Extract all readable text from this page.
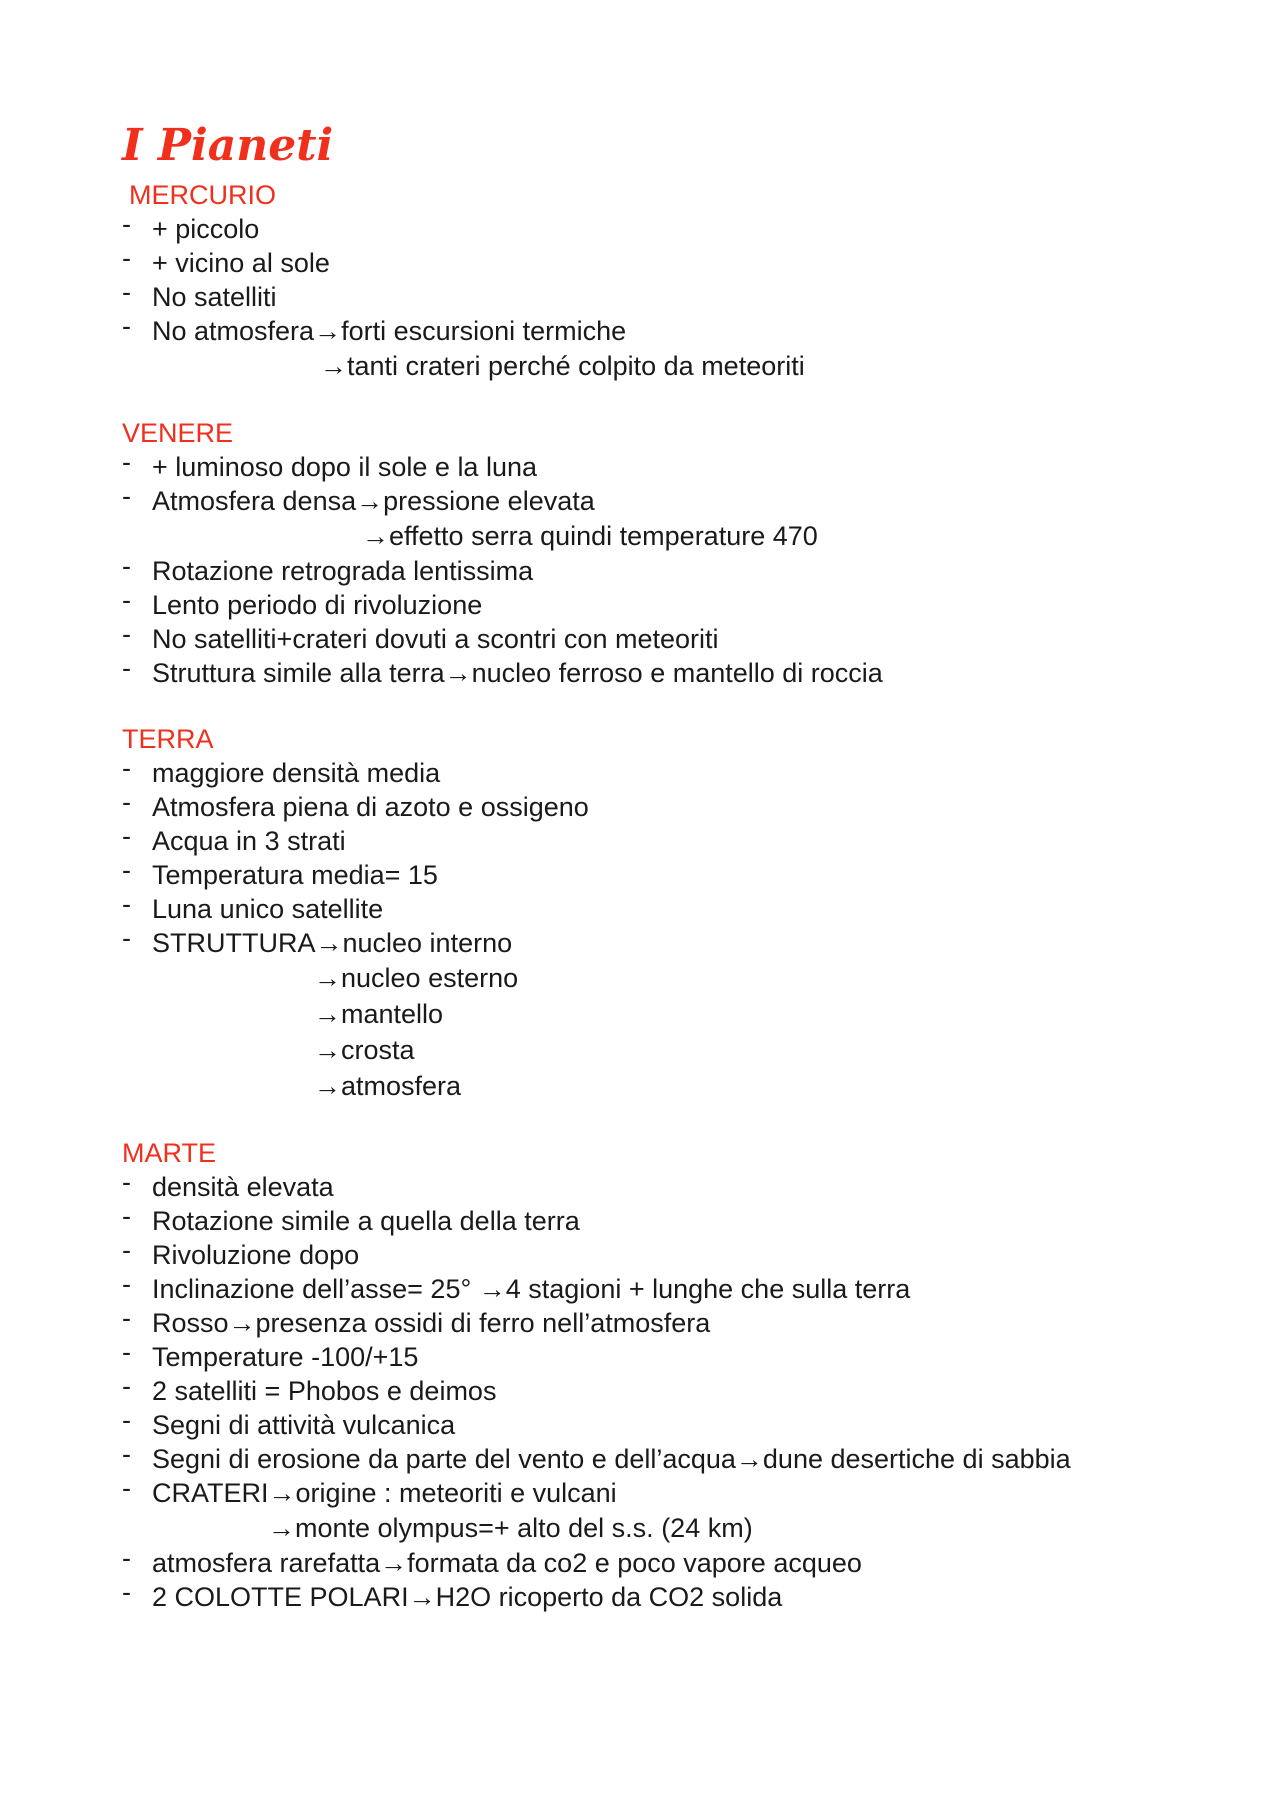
I Pianeti
MERCURIO
- + piccolo
- + vicino al sole
- No satelliti
- No atmosfera→forti escursioni termiche
→tanti crateri perché colpito da meteoriti
VENERE
- + luminoso dopo il sole e la luna
- Atmosfera densa→pressione elevata
→effetto serra quindi temperature 470
- Rotazione retrograda lentissima
- Lento periodo di rivoluzione
- No satelliti+crateri dovuti a scontri con meteoriti
- Struttura simile alla terra→nucleo ferroso e mantello di roccia
TERRA
- maggiore densità media
- Atmosfera piena di azoto e ossigeno
- Acqua in 3 strati
- Temperatura media= 15
- Luna unico satellite
- STRUTTURA→nucleo interno
→nucleo esterno
→mantello
→crosta
→atmosfera
MARTE
- densità elevata
- Rotazione simile a quella della terra
- Rivoluzione dopo
- Inclinazione dell’asse= 25° →4 stagioni + lunghe che sulla terra
- Rosso→presenza ossidi di ferro nell’atmosfera
- Temperature -100/+15
- 2 satelliti = Phobos e deimos
- Segni di attività vulcanica
- Segni di erosione da parte del vento e dell’acqua→dune desertiche di sabbia
- CRATERI→origine : meteoriti e vulcani
→monte olympus=+ alto del s.s. (24 km)
- atmosfera rarefatta→formata da co2 e poco vapore acqueo
- 2 COLOTTE POLARI→H2O ricoperto da CO2 solida
